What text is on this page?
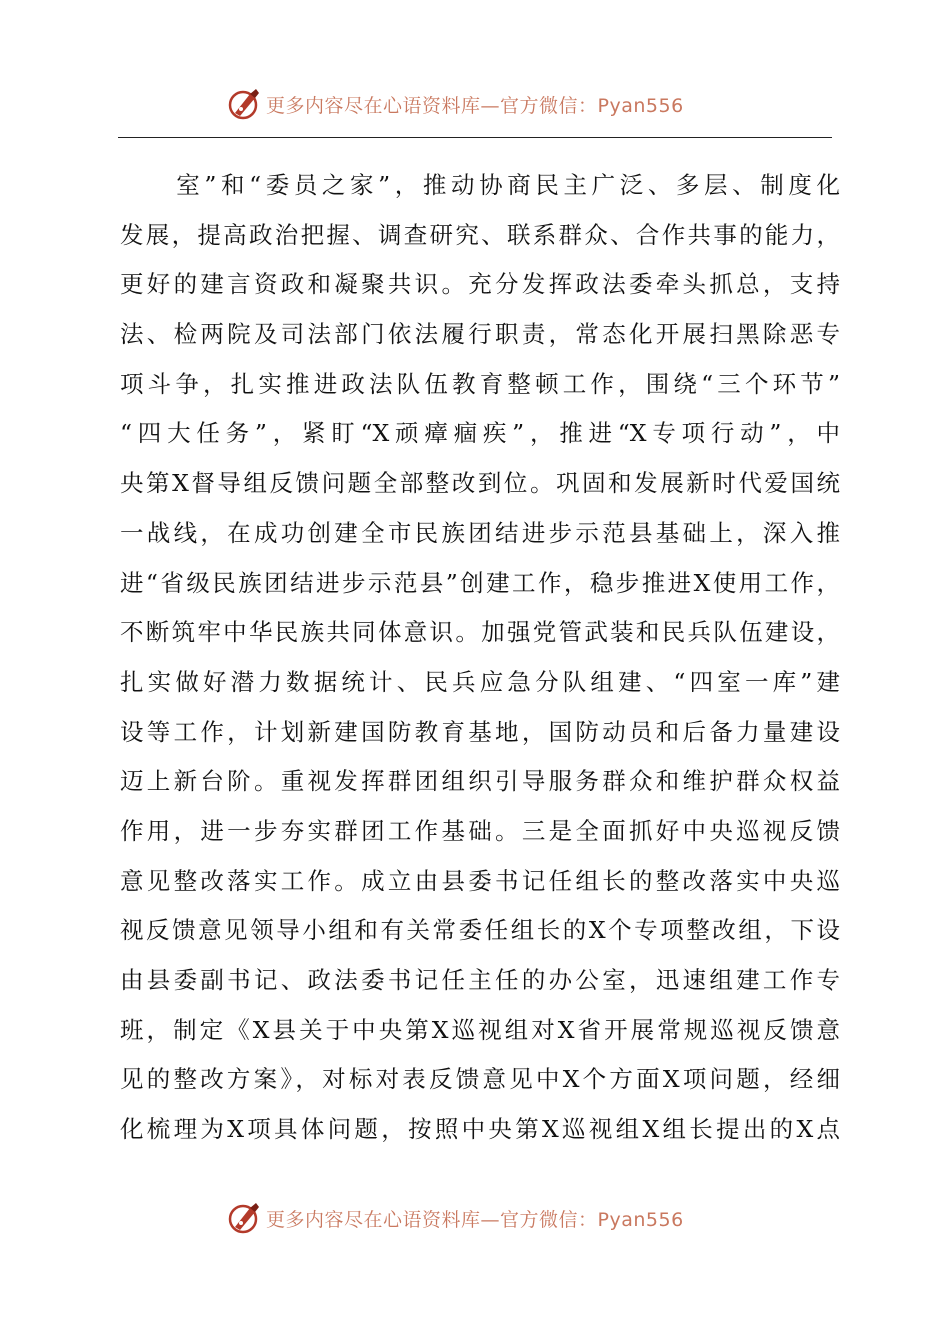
更多内容尽在心语资料库—官方微信：Pyan556
　　室”和“委员之家”，推动协商民主广泛、多层、制度化
发展，提高政治把握、调查研究、联系群众、合作共事的能力，
更好的建言资政和凝聚共识。充分发挥政法委牵头抓总，支持
法、检两院及司法部门依法履行职责，常态化开展扫黑除恶专
项斗争，扎实推进政法队伍教育整顿工作，围绕“三个环节”
“四大任务”，紧盯“X顽瘴痼疾”，推进“X专项行动”，中
央第X督导组反馈问题全部整改到位。巩固和发展新时代爱国统
一战线，在成功创建全市民族团结进步示范县基础上，深入推
进“省级民族团结进步示范县”创建工作，稳步推进X使用工作，
不断筑牢中华民族共同体意识。加强党管武装和民兵队伍建设，
扎实做好潜力数据统计、民兵应急分队组建、“四室一库”建
设等工作，计划新建国防教育基地，国防动员和后备力量建设
迈上新台阶。重视发挥群团组织引导服务群众和维护群众权益
作用，进一步夯实群团工作基础。三是全面抓好中央巡视反馈
意见整改落实工作。成立由县委书记任组长的整改落实中央巡
视反馈意见领导小组和有关常委任组长的X个专项整改组，下设
由县委副书记、政法委书记任主任的办公室，迅速组建工作专
班，制定《X县关于中央第X巡视组对X省开展常规巡视反馈意
见的整改方案》，对标对表反馈意见中X个方面X项问题，经细
化梳理为X项具体问题，按照中央第X巡视组X组长提出的X点
更多内容尽在心语资料库—官方微信：Pyan556
